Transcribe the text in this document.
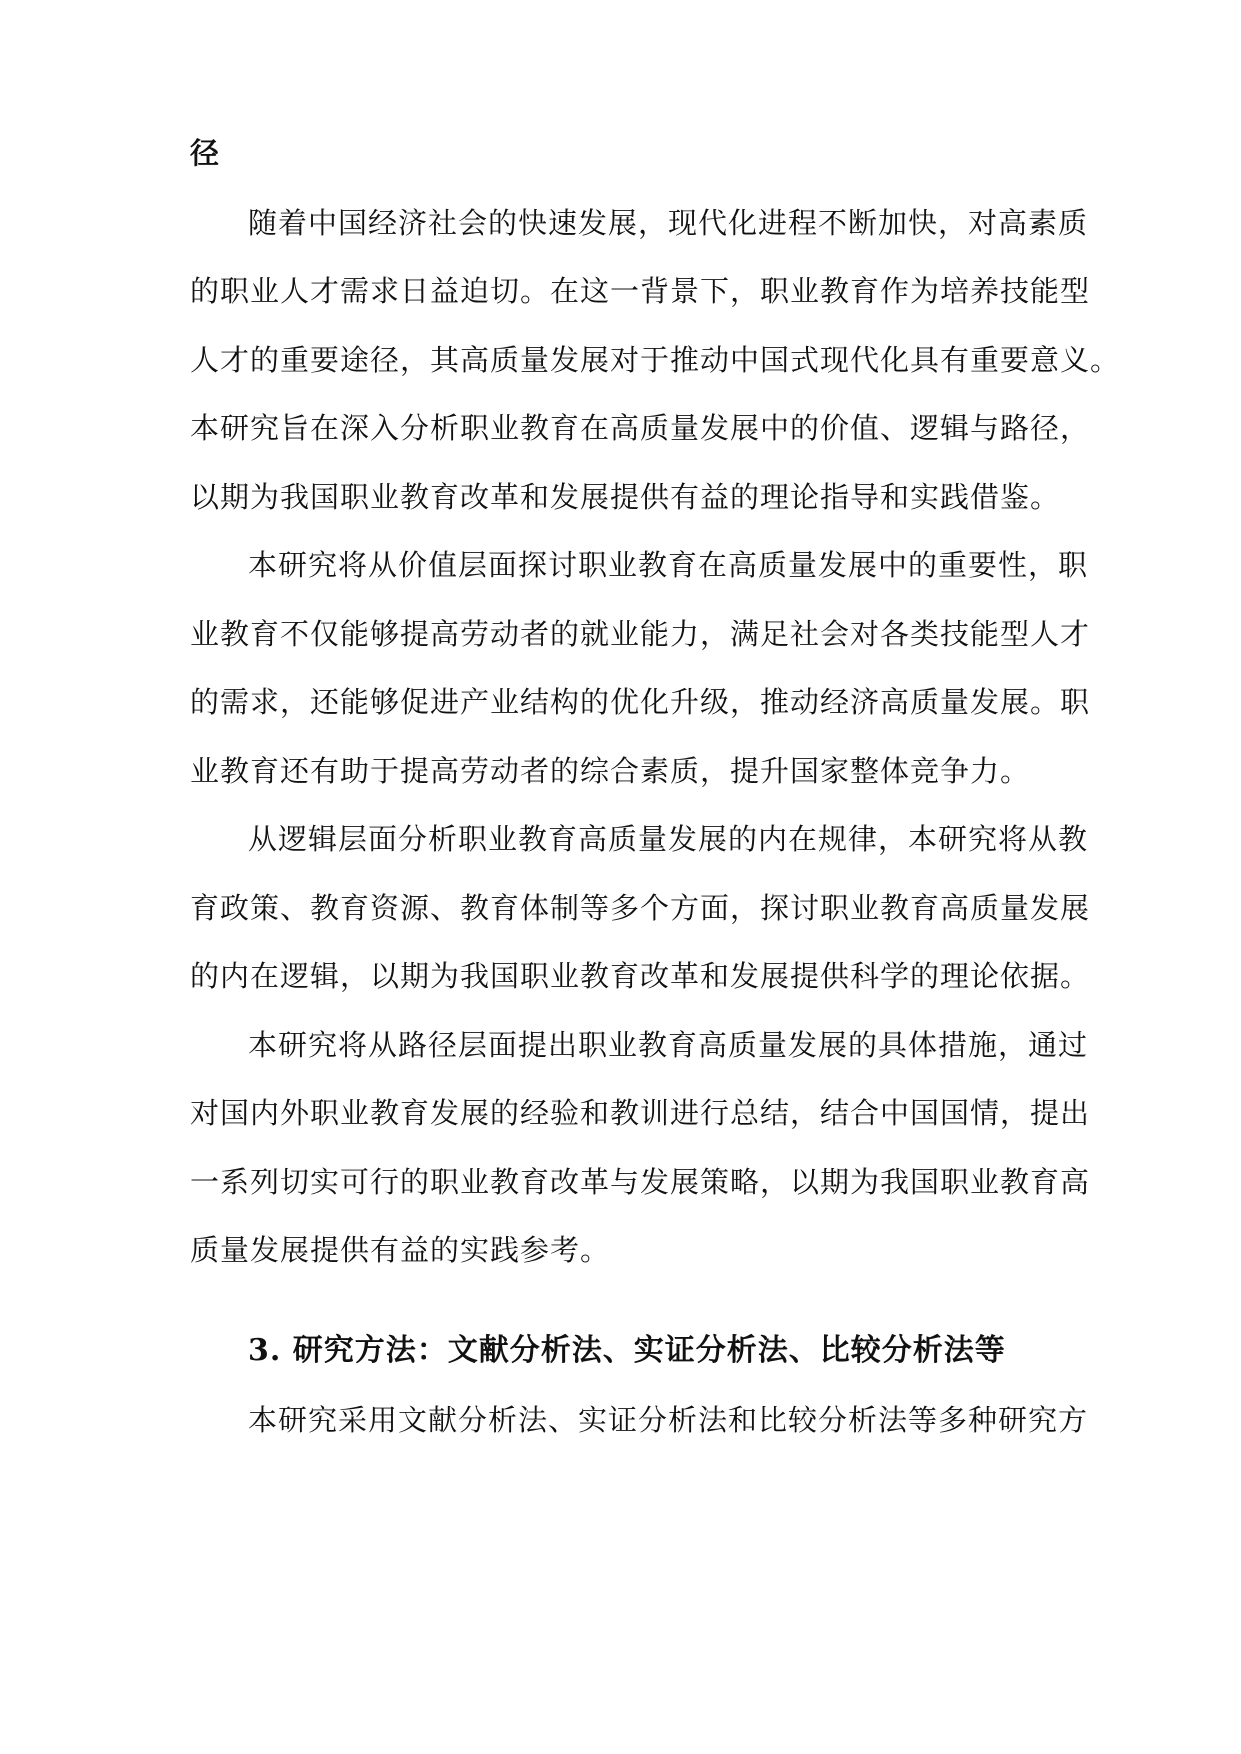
径
随着中国经济社会的快速发展，现代化进程不断加快，对高素质
的职业人才需求日益迫切。在这一背景下，职业教育作为培养技能型
人才的重要途径，其高质量发展对于推动中国式现代化具有重要意义。
本研究旨在深入分析职业教育在高质量发展中的价值、逻辑与路径，
以期为我国职业教育改革和发展提供有益的理论指导和实践借鉴。
本研究将从价值层面探讨职业教育在高质量发展中的重要性，职
业教育不仅能够提高劳动者的就业能力，满足社会对各类技能型人才
的需求，还能够促进产业结构的优化升级，推动经济高质量发展。职
业教育还有助于提高劳动者的综合素质，提升国家整体竞争力。
从逻辑层面分析职业教育高质量发展的内在规律，本研究将从教
育政策、教育资源、教育体制等多个方面，探讨职业教育高质量发展
的内在逻辑，以期为我国职业教育改革和发展提供科学的理论依据。
本研究将从路径层面提出职业教育高质量发展的具体措施，通过
对国内外职业教育发展的经验和教训进行总结，结合中国国情，提出
一系列切实可行的职业教育改革与发展策略，以期为我国职业教育高
质量发展提供有益的实践参考。
3. 研究方法：文献分析法、实证分析法、比较分析法等
本研究采用文献分析法、实证分析法和比较分析法等多种研究方
